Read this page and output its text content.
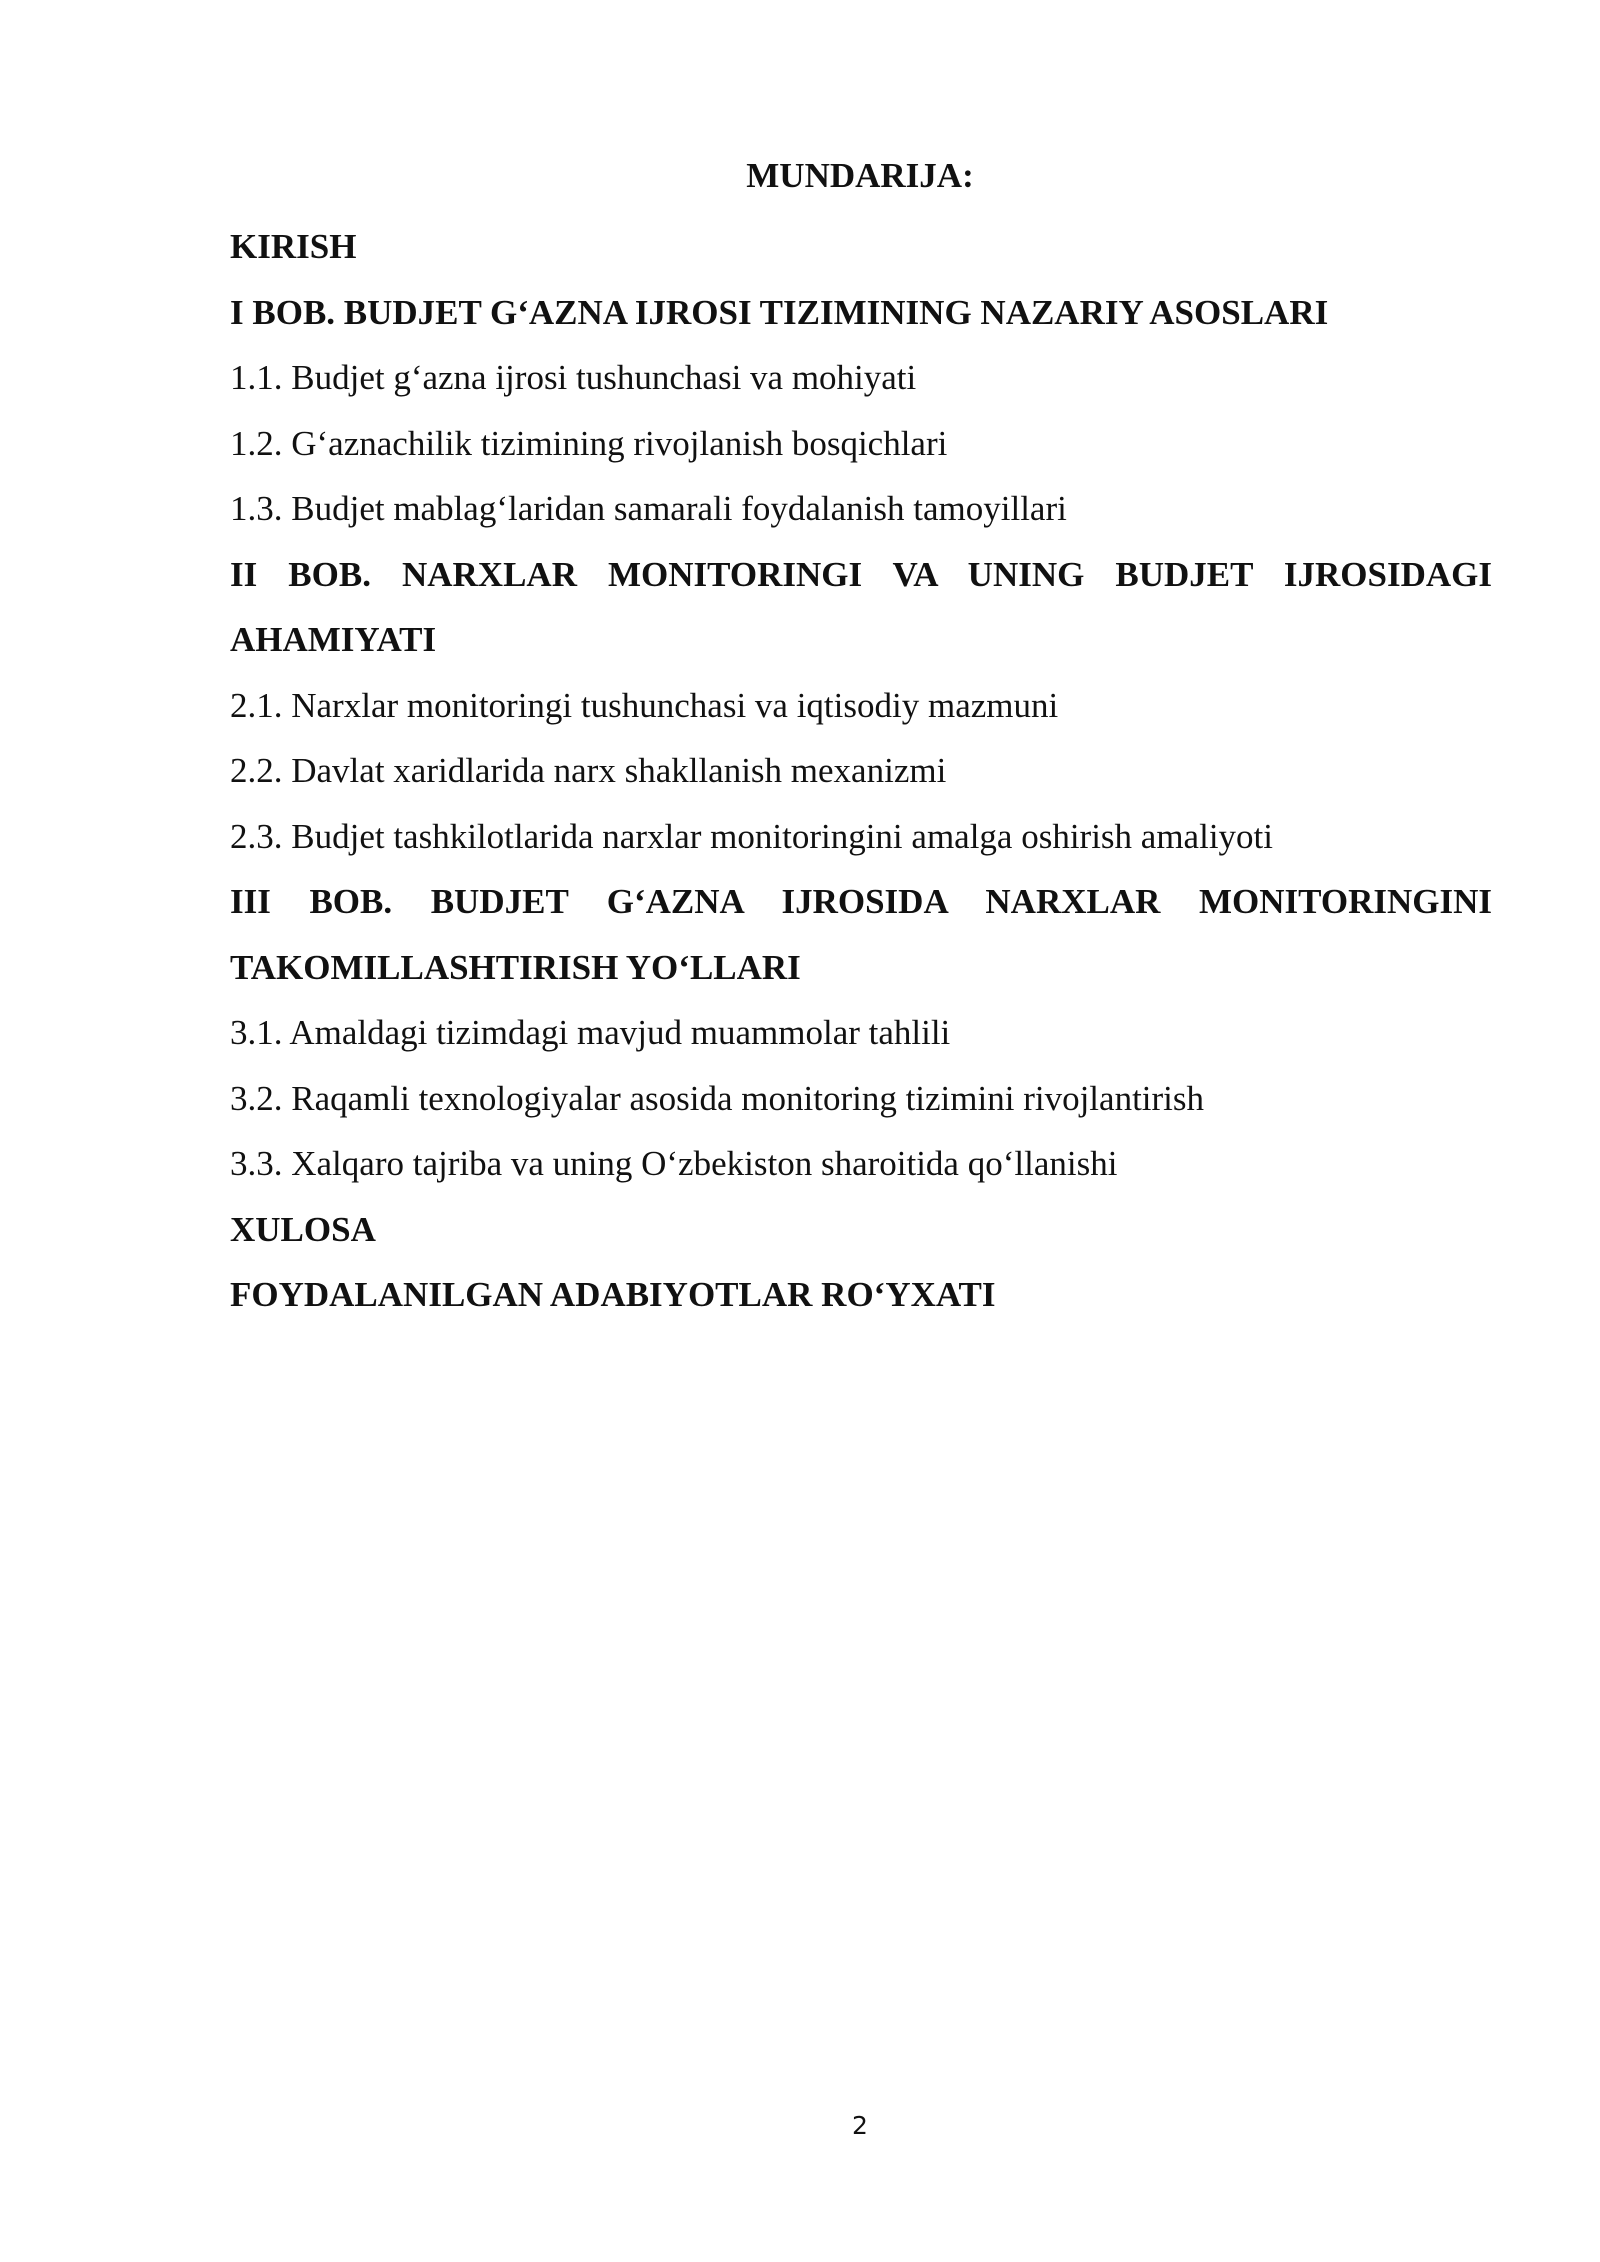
MUNDARIJA:
KIRISH
I BOB. BUDJET G‘AZNA IJROSI TIZIMINING NAZARIY ASOSLARI
1.1. Budjet g‘azna ijrosi tushunchasi va mohiyati
1.2. G‘aznachilik tizimining rivojlanish bosqichlari
1.3. Budjet mablag‘laridan samarali foydalanish tamoyillari
II BOB. NARXLAR MONITORINGI VA UNING BUDJET IJROSIDAGI
AHAMIYATI
2.1. Narxlar monitoringi tushunchasi va iqtisodiy mazmuni
2.2. Davlat xaridlarida narx shakllanish mexanizmi
2.3. Budjet tashkilotlarida narxlar monitoringini amalga oshirish amaliyoti
III BOB. BUDJET G‘AZNA IJROSIDA NARXLAR MONITORINGINI
TAKOMILLASHTIRISH YO‘LLARI
3.1. Amaldagi tizimdagi mavjud muammolar tahlili
3.2. Raqamli texnologiyalar asosida monitoring tizimini rivojlantirish
3.3. Xalqaro tajriba va uning O‘zbekiston sharoitida qo‘llanishi
XULOSA
FOYDALANILGAN ADABIYOTLAR RO‘YXATI
2
